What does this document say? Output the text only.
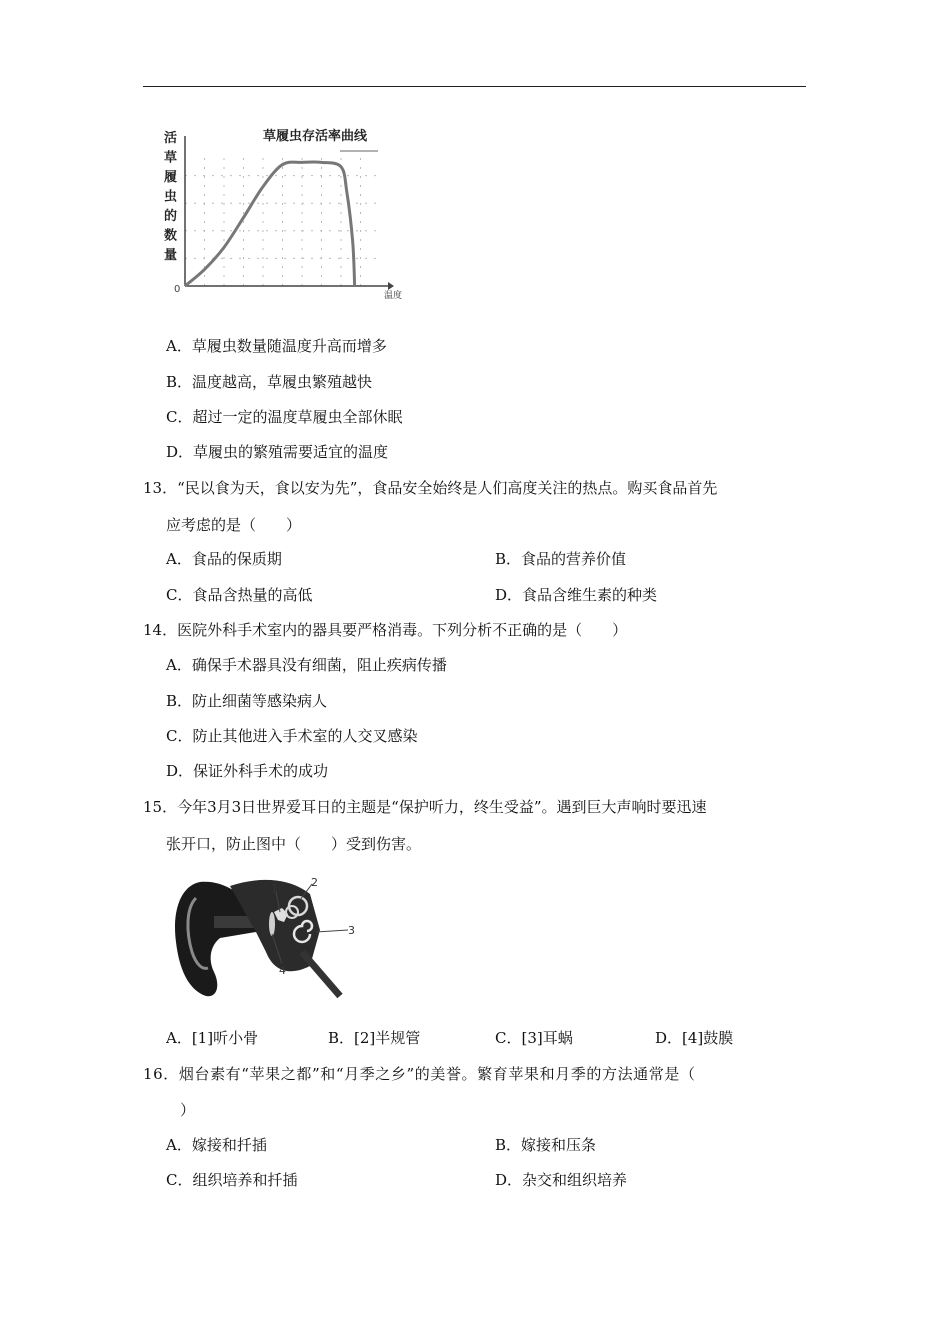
草履虫存活率曲线
活草履虫的数量
温度
0
A．草履虫数量随温度升高而增多
B．温度越高，草履虫繁殖越快
C．超过一定的温度草履虫全部休眠
D．草履虫的繁殖需要适宜的温度
13．“民以食为天，食以安为先”，食品安全始终是人们高度关注的热点。购买食品首先
应考虑的是（　　）
A．食品的保质期	B．食品的营养价值
C．食品含热量的高低	D．食品含维生素的种类
14．医院外科手术室内的器具要严格消毒。下列分析不正确的是（　　）
A．确保手术器具没有细菌，阻止疾病传播
B．防止细菌等感染病人
C．防止其他进入手术室的人交叉感染
D．保证外科手术的成功
15．今年3月3日世界爱耳日的主题是“保护听力，终生受益”。遇到巨大声响时要迅速
张开口，防止图中（　　）受到伤害。
1	2
3
4
A．[1]听小骨	B．[2]半规管	C．[3]耳蜗	D．[4]鼓膜
16．烟台素有“苹果之都”和“月季之乡”的美誉。繁育苹果和月季的方法通常是（
）
A．嫁接和扦插	B．嫁接和压条
C．组织培养和扦插	D．杂交和组织培养
